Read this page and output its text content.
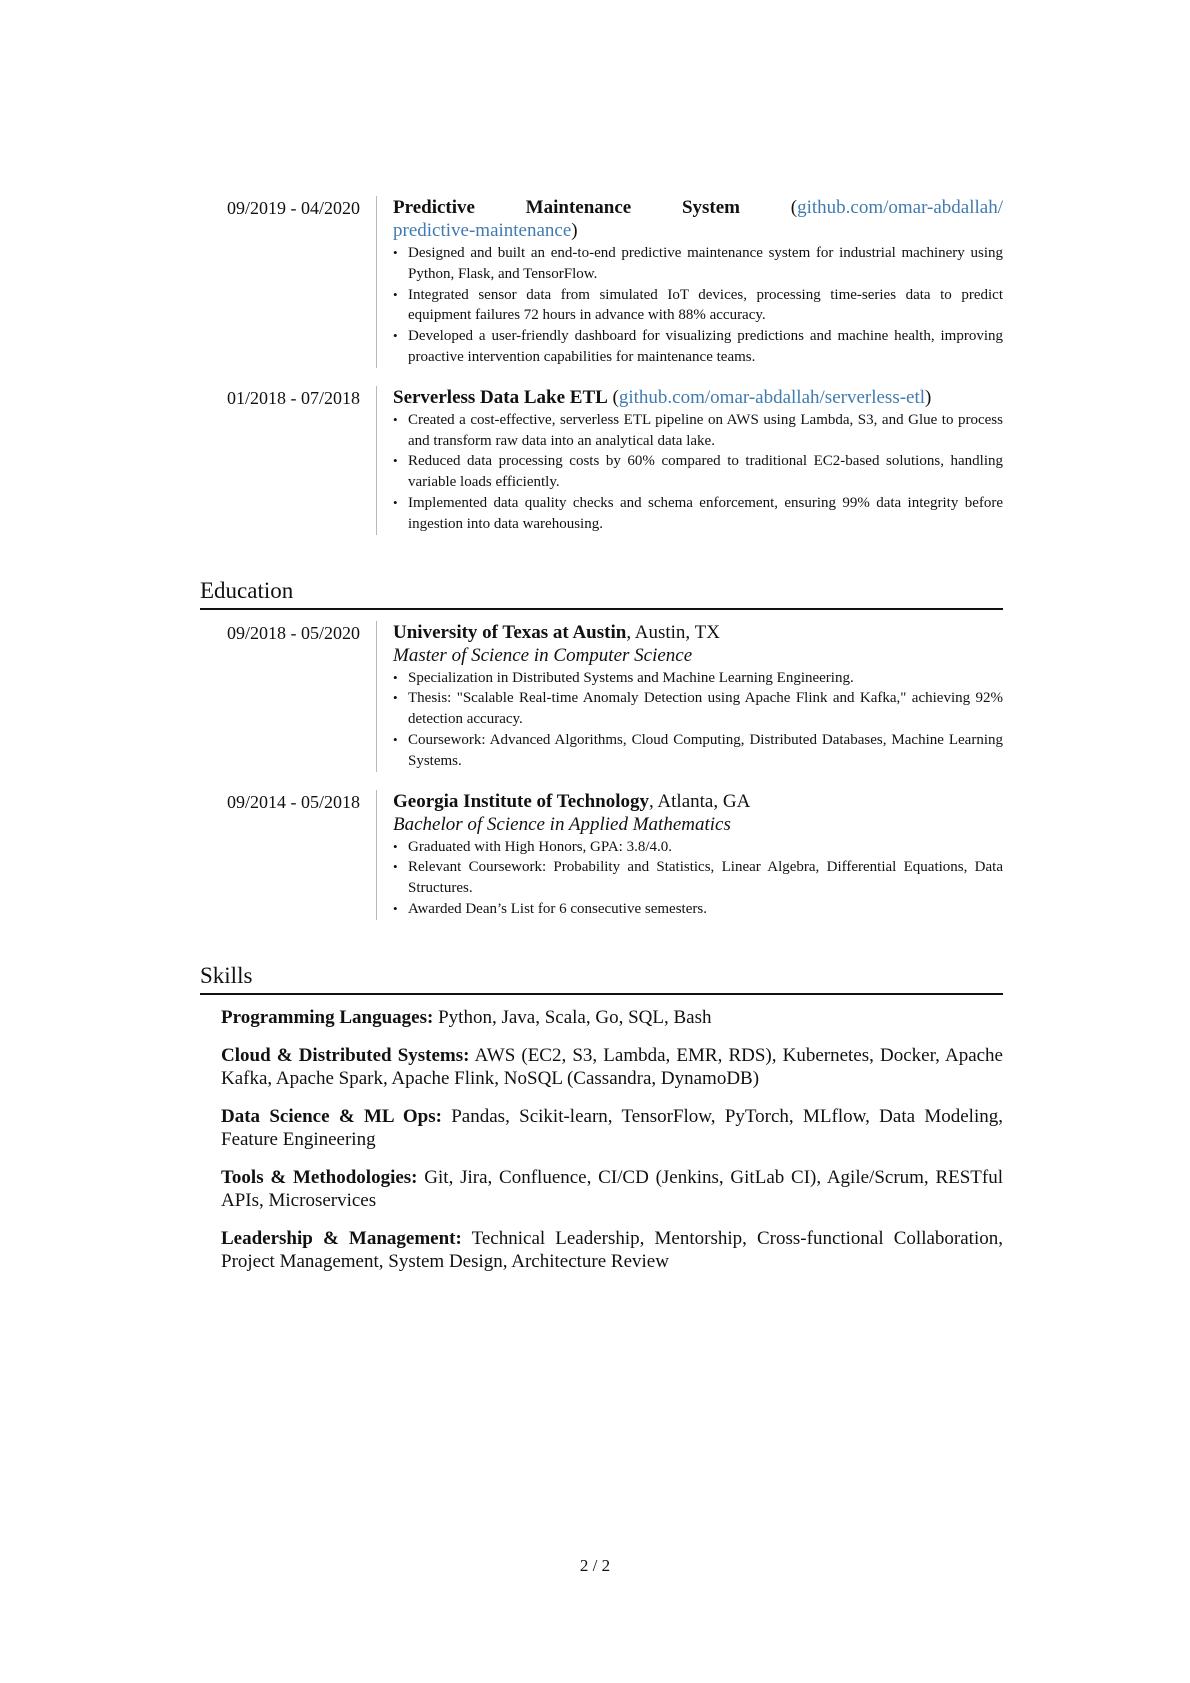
09/2019 - 04/2020	Predictive Maintenance System	(github.com/omar-abdallah/
predictive-maintenance)
• Designed and built an end-to-end predictive maintenance system for industrial machinery using Python, Flask, and TensorFlow.
• Integrated sensor data from simulated IoT devices, processing time-series data to predict equipment failures 72 hours in advance with 88% accuracy.
• Developed a user-friendly dashboard for visualizing predictions and machine health, improving proactive intervention capabilities for maintenance teams.
01/2018 - 07/2018	Serverless Data Lake ETL (github.com/omar-abdallah/serverless-etl)
• Created a cost-effective, serverless ETL pipeline on AWS using Lambda, S3, and Glue to process and transform raw data into an analytical data lake.
• Reduced data processing costs by 60% compared to traditional EC2-based solutions, handling variable loads efficiently.
• Implemented data quality checks and schema enforcement, ensuring 99% data integrity before ingestion into data warehousing.
Education
09/2018 - 05/2020	University of Texas at Austin, Austin, TX
Master of Science in Computer Science
• Specialization in Distributed Systems and Machine Learning Engineering.
• Thesis: "Scalable Real-time Anomaly Detection using Apache Flink and Kafka," achieving 92% detection accuracy.
• Coursework: Advanced Algorithms, Cloud Computing, Distributed Databases, Machine Learning Systems.
09/2014 - 05/2018	Georgia Institute of Technology, Atlanta, GA
Bachelor of Science in Applied Mathematics
• Graduated with High Honors, GPA: 3.8/4.0.
• Relevant Coursework: Probability and Statistics, Linear Algebra, Differential Equations, Data Structures.
• Awarded Dean’s List for 6 consecutive semesters.
Skills
Programming Languages: Python, Java, Scala, Go, SQL, Bash
Cloud & Distributed Systems: AWS (EC2, S3, Lambda, EMR, RDS), Kubernetes, Docker, Apache Kafka, Apache Spark, Apache Flink, NoSQL (Cassandra, DynamoDB)
Data Science & ML Ops: Pandas, Scikit-learn, TensorFlow, PyTorch, MLflow, Data Modeling, Feature Engineering
Tools & Methodologies: Git, Jira, Confluence, CI/CD (Jenkins, GitLab CI), Agile/Scrum, RESTful APIs, Microservices
Leadership & Management: Technical Leadership, Mentorship, Cross-functional Collaboration, Project Management, System Design, Architecture Review
2 / 2
